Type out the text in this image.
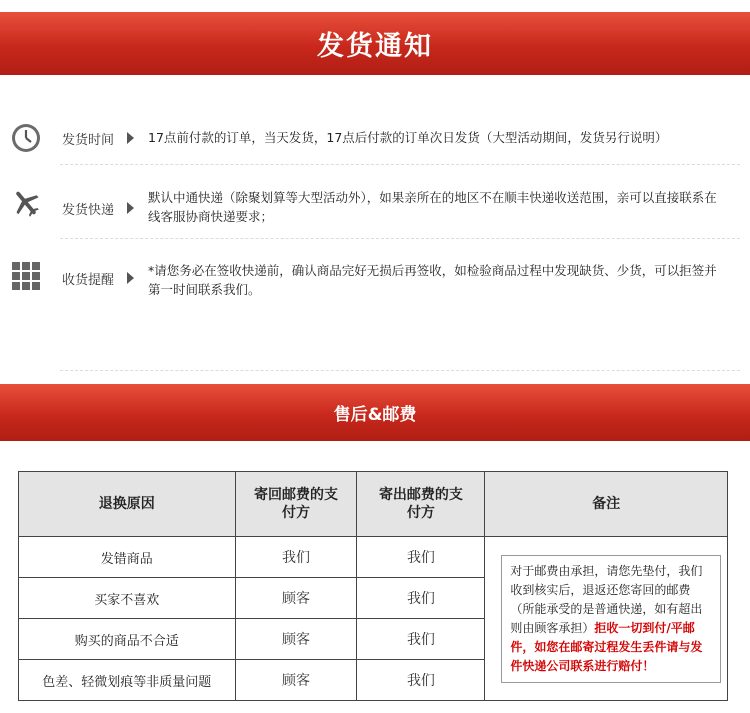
发货通知
发货时间	17点前付款的订单，当天发货，17点后付款的订单次日发货（大型活动期间，发货另行说明）
发货快递
默认中通快递（除聚划算等大型活动外），如果亲所在的地区不在顺丰快递收送范围，亲可以直接联系在线客服协商快递要求；
收货提醒
*请您务必在签收快递前，确认商品完好无损后再签收，如检验商品过程中发现缺货、少货，可以拒签并第一时间联系我们。
售后&邮费
退换原因	寄回邮费的支付方	寄出邮费的支付方	备注
发错商品	我们	我们	对于邮费由承担，请您先垫付，我们收到核实后，退返还您寄回的邮费（所能承受的是普通快递，如有超出则由顾客承担）拒收一切到付/平邮件，如您在邮寄过程发生丢件请与发件快递公司联系进行赔付！

买家不喜欢	顾客	我们	
购买的商品不合适	顾客	我们	
色差、轻微划痕等非质量问题	顾客	我们	
